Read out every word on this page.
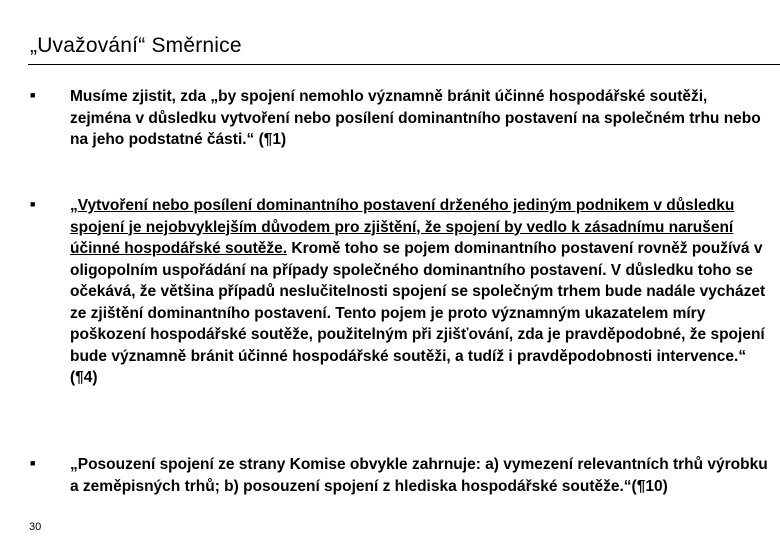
„Uvažování“ Směrnice
■ Musíme zjistit, zda „by spojení nemohlo významně bránit účinné hospodářské soutěži, zejména v důsledku vytvoření nebo posílení dominantního postavení na společném trhu nebo na jeho podstatné části.“ (¶1)
■ „Vytvoření nebo posílení dominantního postavení drženého jediným podnikem v důsledku spojení je nejobvyklejším důvodem pro zjištění, že spojení by vedlo k zásadnímu narušení účinné hospodářské soutěže. Kromě toho se pojem dominantního postavení rovněž používá v oligopolním uspořádání na případy společného dominantního postavení. V důsledku toho se očekává, že většina případů neslučitelnosti spojení se společným trhem bude nadále vycházet ze zjištění dominantního postavení. Tento pojem je proto významným ukazatelem míry poškození hospodářské soutěže, použitelným při zjišťování, zda je pravděpodobné, že spojení bude významně bránit účinné hospodářské soutěži, a tudíž i pravděpodobnosti intervence.“ (¶4)
■ „Posouzení spojení ze strany Komise obvykle zahrnuje: a) vymezení relevantních trhů výrobku a zeměpisných trhů; b) posouzení spojení z hlediska hospodářské soutěže.“(¶10)
30
